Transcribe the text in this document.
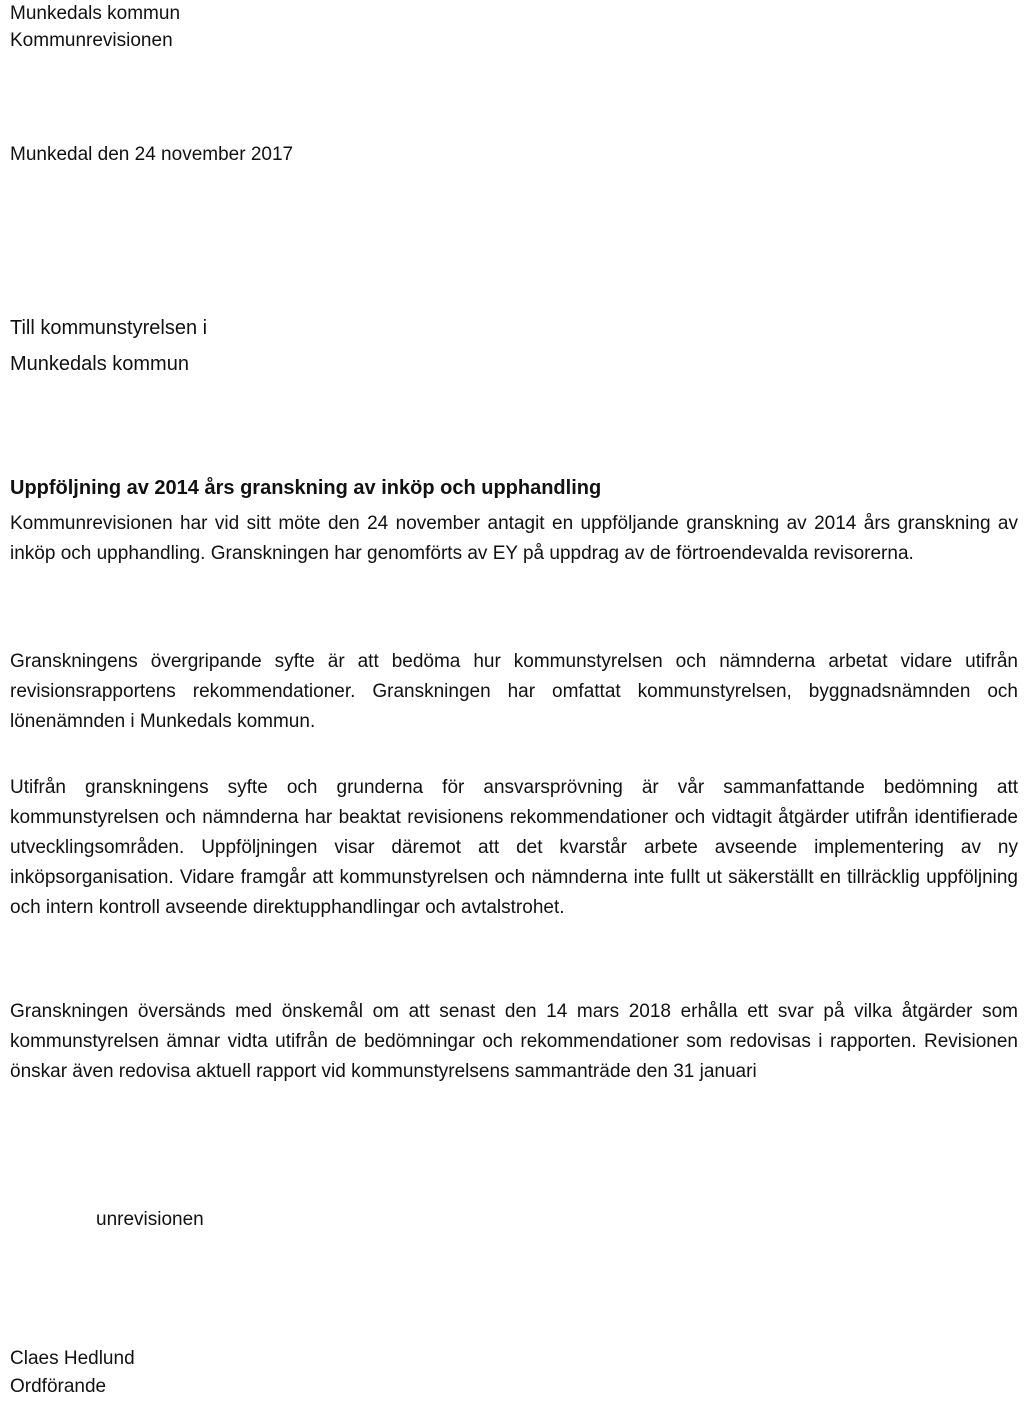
Munkedals kommun
Kommunrevisionen
Munkedal den 24 november 2017
Till kommunstyrelsen i
Munkedals kommun
Uppföljning av 2014 års granskning av inköp och upphandling
Kommunrevisionen har vid sitt möte den 24 november antagit en uppföljande granskning av 2014 års granskning av inköp och upphandling. Granskningen har genomförts av EY på uppdrag av de förtroendevalda revisorerna.
Granskningens övergripande syfte är att bedöma hur kommunstyrelsen och nämnderna arbetat vidare utifrån revisionsrapportens rekommendationer. Granskningen har omfattat kommunstyrelsen, byggnadsnämnden och lönenämnden i Munkedals kommun.
Utifrån granskningens syfte och grunderna för ansvarsprövning är vår sammanfattande bedömning att kommunstyrelsen och nämnderna har beaktat revisionens rekommendationer och vidtagit åtgärder utifrån identifierade utvecklingsområden. Uppföljningen visar däremot att det kvarstår arbete avseende implementering av ny inköpsorganisation. Vidare framgår att kommunstyrelsen och nämnderna inte fullt ut säkerställt en tillräcklig uppföljning och intern kontroll avseende direktupphandlingar och avtalstrohet.
Granskningen översänds med önskemål om att senast den 14 mars 2018 erhålla ett svar på vilka åtgärder som kommunstyrelsen ämnar vidta utifrån de bedömningar och rekommendationer som redovisas i rapporten. Revisionen önskar även redovisa aktuell rapport vid kommunstyrelsens sammanträde den 31 januari
unrevisionen
Claes Hedlund
Ordförande
